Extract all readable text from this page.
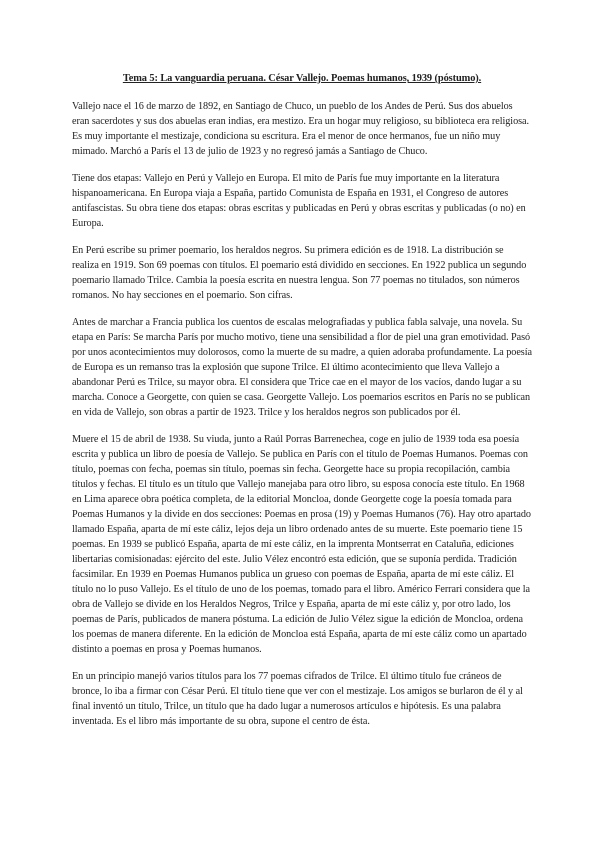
Tema 5: La vanguardia peruana. César Vallejo. Poemas humanos, 1939 (póstumo).

Vallejo nace el 16 de marzo de 1892, en Santiago de Chuco, un pueblo de los Andes de Perú. Sus dos abuelos eran sacerdotes y sus dos abuelas eran indias, era mestizo. Era un hogar muy religioso, su biblioteca era religiosa. Es muy importante el mestizaje, condiciona su escritura. Era el menor de once hermanos, fue un niño muy mimado. Marchó a París el 13 de julio de 1923 y no regresó jamás a Santiago de Chuco.

Tiene dos etapas: Vallejo en Perú y Vallejo en Europa. El mito de París fue muy importante en la literatura hispanoamericana. En Europa viaja a España, partido Comunista de España en 1931, el Congreso de autores antifascistas. Su obra tiene dos etapas: obras escritas y publicadas en Perú y obras escritas y publicadas (o no) en Europa.

En Perú escribe su primer poemario, los heraldos negros. Su primera edición es de 1918. La distribución se realiza en 1919. Son 69 poemas con títulos. El poemario está dividido en secciones. En 1922 publica un segundo poemario llamado Trilce. Cambia la poesía escrita en nuestra lengua. Son 77 poemas no titulados, son números romanos. No hay secciones en el poemario. Son cifras.

Antes de marchar a Francia publica los cuentos de escalas melografiadas y publica fabla salvaje, una novela. Su etapa en París: Se marcha París por mucho motivo, tiene una sensibilidad a flor de piel una gran emotividad. Pasó por unos acontecimientos muy dolorosos, como la muerte de su madre, a quien adoraba profundamente. La poesía de Europa es un remanso tras la explosión que supone Trilce. El último acontecimiento que lleva Vallejo a abandonar Perú es Trilce, su mayor obra. El considera que Trice cae en el mayor de los vacíos, dando lugar a su marcha. Conoce a Georgette, con quien se casa. Georgette Vallejo. Los poemarios escritos en París no se publican en vida de Vallejo, son obras a partir de 1923. Trilce y los heraldos negros son publicados por él.

Muere el 15 de abril de 1938. Su viuda, junto a Raúl Porras Barrenechea, coge en julio de 1939 toda esa poesía escrita y publica un libro de poesía de Vallejo. Se publica en París con el título de Poemas Humanos. Poemas con título, poemas con fecha, poemas sin título, poemas sin fecha. Georgette hace su propia recopilación, cambia títulos y fechas. El título es un título que Vallejo manejaba para otro libro, su esposa conocía este título. En 1968 en Lima aparece obra poética completa, de la editorial Moncloa, donde Georgette coge la poesía tomada para Poemas Humanos y la divide en dos secciones: Poemas en prosa (19) y Poemas Humanos (76). Hay otro apartado llamado España, aparta de mí este cáliz, lejos deja un libro ordenado antes de su muerte. Este poemario tiene 15 poemas. En 1939 se publicó España, aparta de mí este cáliz, en la imprenta Montserrat en Cataluña, ediciones libertarias comisionadas: ejército del este. Julio Vélez encontró esta edición, que se suponía perdida. Tradición facsimilar. En 1939 en Poemas Humanos publica un grueso con poemas de España, aparta de mí este cáliz. El título no lo puso Vallejo. Es el título de uno de los poemas, tomado para el libro. Américo Ferrari considera que la obra de Vallejo se divide en los Heraldos Negros, Trilce y España, aparta de mí este cáliz y, por otro lado, los poemas de París, publicados de manera póstuma. La edición de Julio Vélez sigue la edición de Moncloa, ordena los poemas de manera diferente. En la edición de Moncloa está España, aparta de mí este cáliz como un apartado distinto a poemas en prosa y Poemas humanos.

En un principio manejó varios títulos para los 77 poemas cifrados de Trilce. El último título fue cráneos de bronce, lo iba a firmar con César Perú. El título tiene que ver con el mestizaje. Los amigos se burlaron de él y al final inventó un título, Trilce, un título que ha dado lugar a numerosos artículos e hipótesis. Es una palabra inventada. Es el libro más importante de su obra, supone el centro de ésta.
